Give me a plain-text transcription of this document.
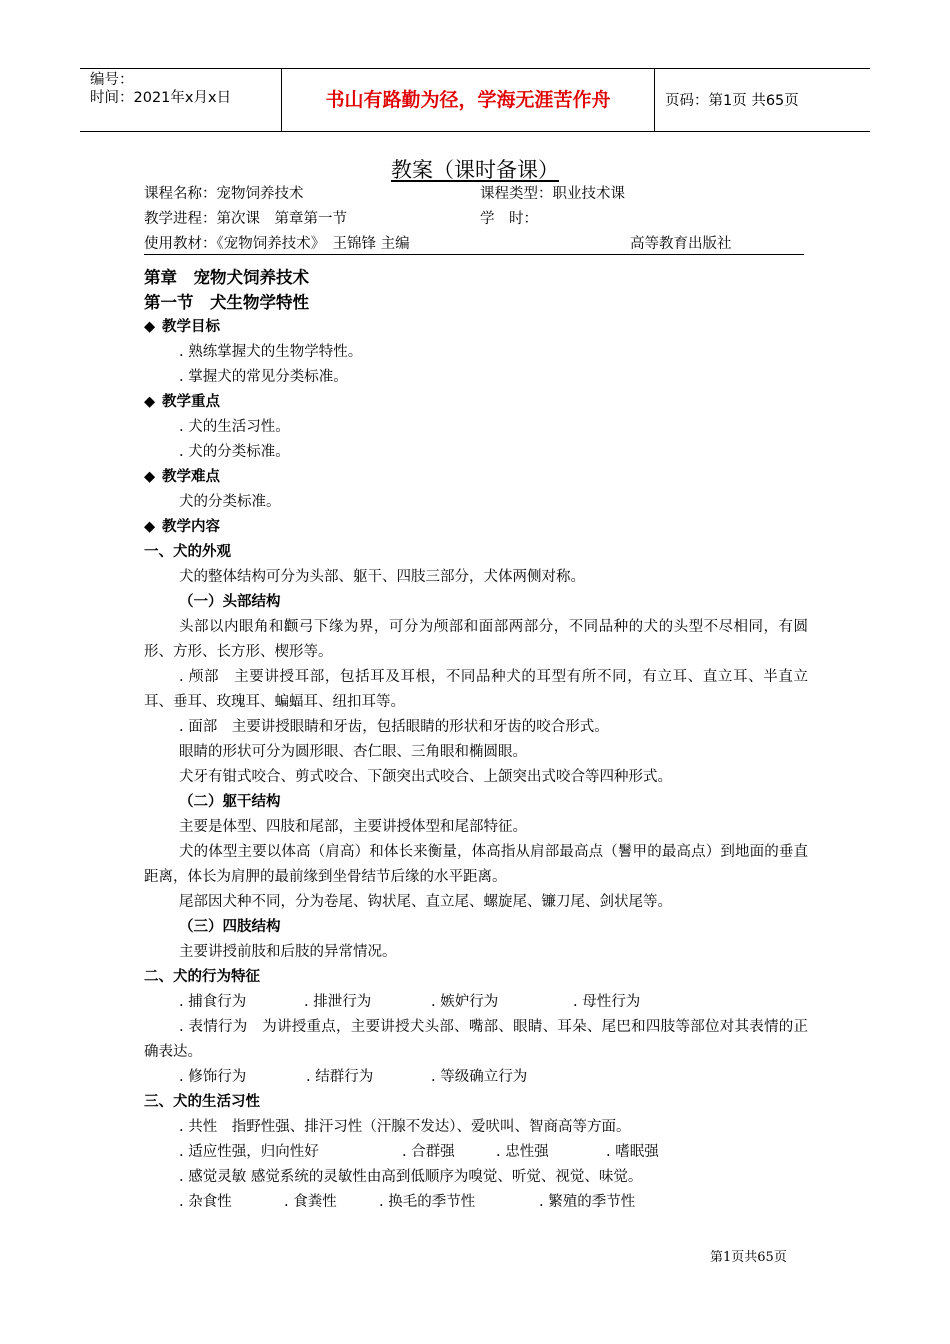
编号：
时间：2021年x月x日	书山有路勤为径，学海无涯苦作舟	页码：第1页 共65页
教案（课时备课）
课程名称：宠物饲养技术	课程类型：职业技术课
教学进程：第次课　第章第一节	学　时：
使用教材：《宠物饲养技术》　王锦锋 主编	高等教育出版社

第章　宠物犬饲养技术

第一节　犬生物学特性

◆ 教学目标

. 熟练掌握犬的生物学特性。

. 掌握犬的常见分类标准。

◆ 教学重点

. 犬的生活习性。

. 犬的分类标准。

◆ 教学难点

犬的分类标准。

◆ 教学内容

一、犬的外观

犬的整体结构可分为头部、躯干、四肢三部分，犬体两侧对称。

（一）头部结构

头部以内眼角和颧弓下缘为界，可分为颅部和面部两部分，不同品种的犬的头型不尽相同，有圆形、方形、长方形、楔形等。

. 颅部　主要讲授耳部，包括耳及耳根，不同品种犬的耳型有所不同，有立耳、直立耳、半直立耳、垂耳、玫瑰耳、蝙蝠耳、纽扣耳等。

. 面部　主要讲授眼睛和牙齿，包括眼睛的形状和牙齿的咬合形式。

眼睛的形状可分为圆形眼、杏仁眼、三角眼和椭圆眼。

犬牙有钳式咬合、剪式咬合、下颌突出式咬合、上颌突出式咬合等四种形式。

（二）躯干结构

主要是体型、四肢和尾部，主要讲授体型和尾部特征。

犬的体型主要以体高（肩高）和体长来衡量，体高指从肩部最高点（鬐甲的最高点）到地面的垂直距离，体长为肩胛的最前缘到坐骨结节后缘的水平距离。

尾部因犬种不同，分为卷尾、钩状尾、直立尾、螺旋尾、镰刀尾、剑状尾等。

（三）四肢结构

主要讲授前肢和后肢的异常情况。

二、犬的行为特征

. 捕食行为	. 排泄行为	. 嫉妒行为	. 母性行为

. 表情行为　为讲授重点，主要讲授犬头部、嘴部、眼睛、耳朵、尾巴和四肢等部位对其表情的正确表达。

. 修饰行为	. 结群行为	. 等级确立行为

三、犬的生活习性

. 共性　指野性强、排汗习性（汗腺不发达）、爱吠叫、智商高等方面。

. 适应性强，归向性好	. 合群强	. 忠性强	. 嗜眠强

. 感觉灵敏 感觉系统的灵敏性由高到低顺序为嗅觉、听觉、视觉、味觉。

. 杂食性	. 食粪性	. 换毛的季节性	. 繁殖的季节性
第1页共65页
